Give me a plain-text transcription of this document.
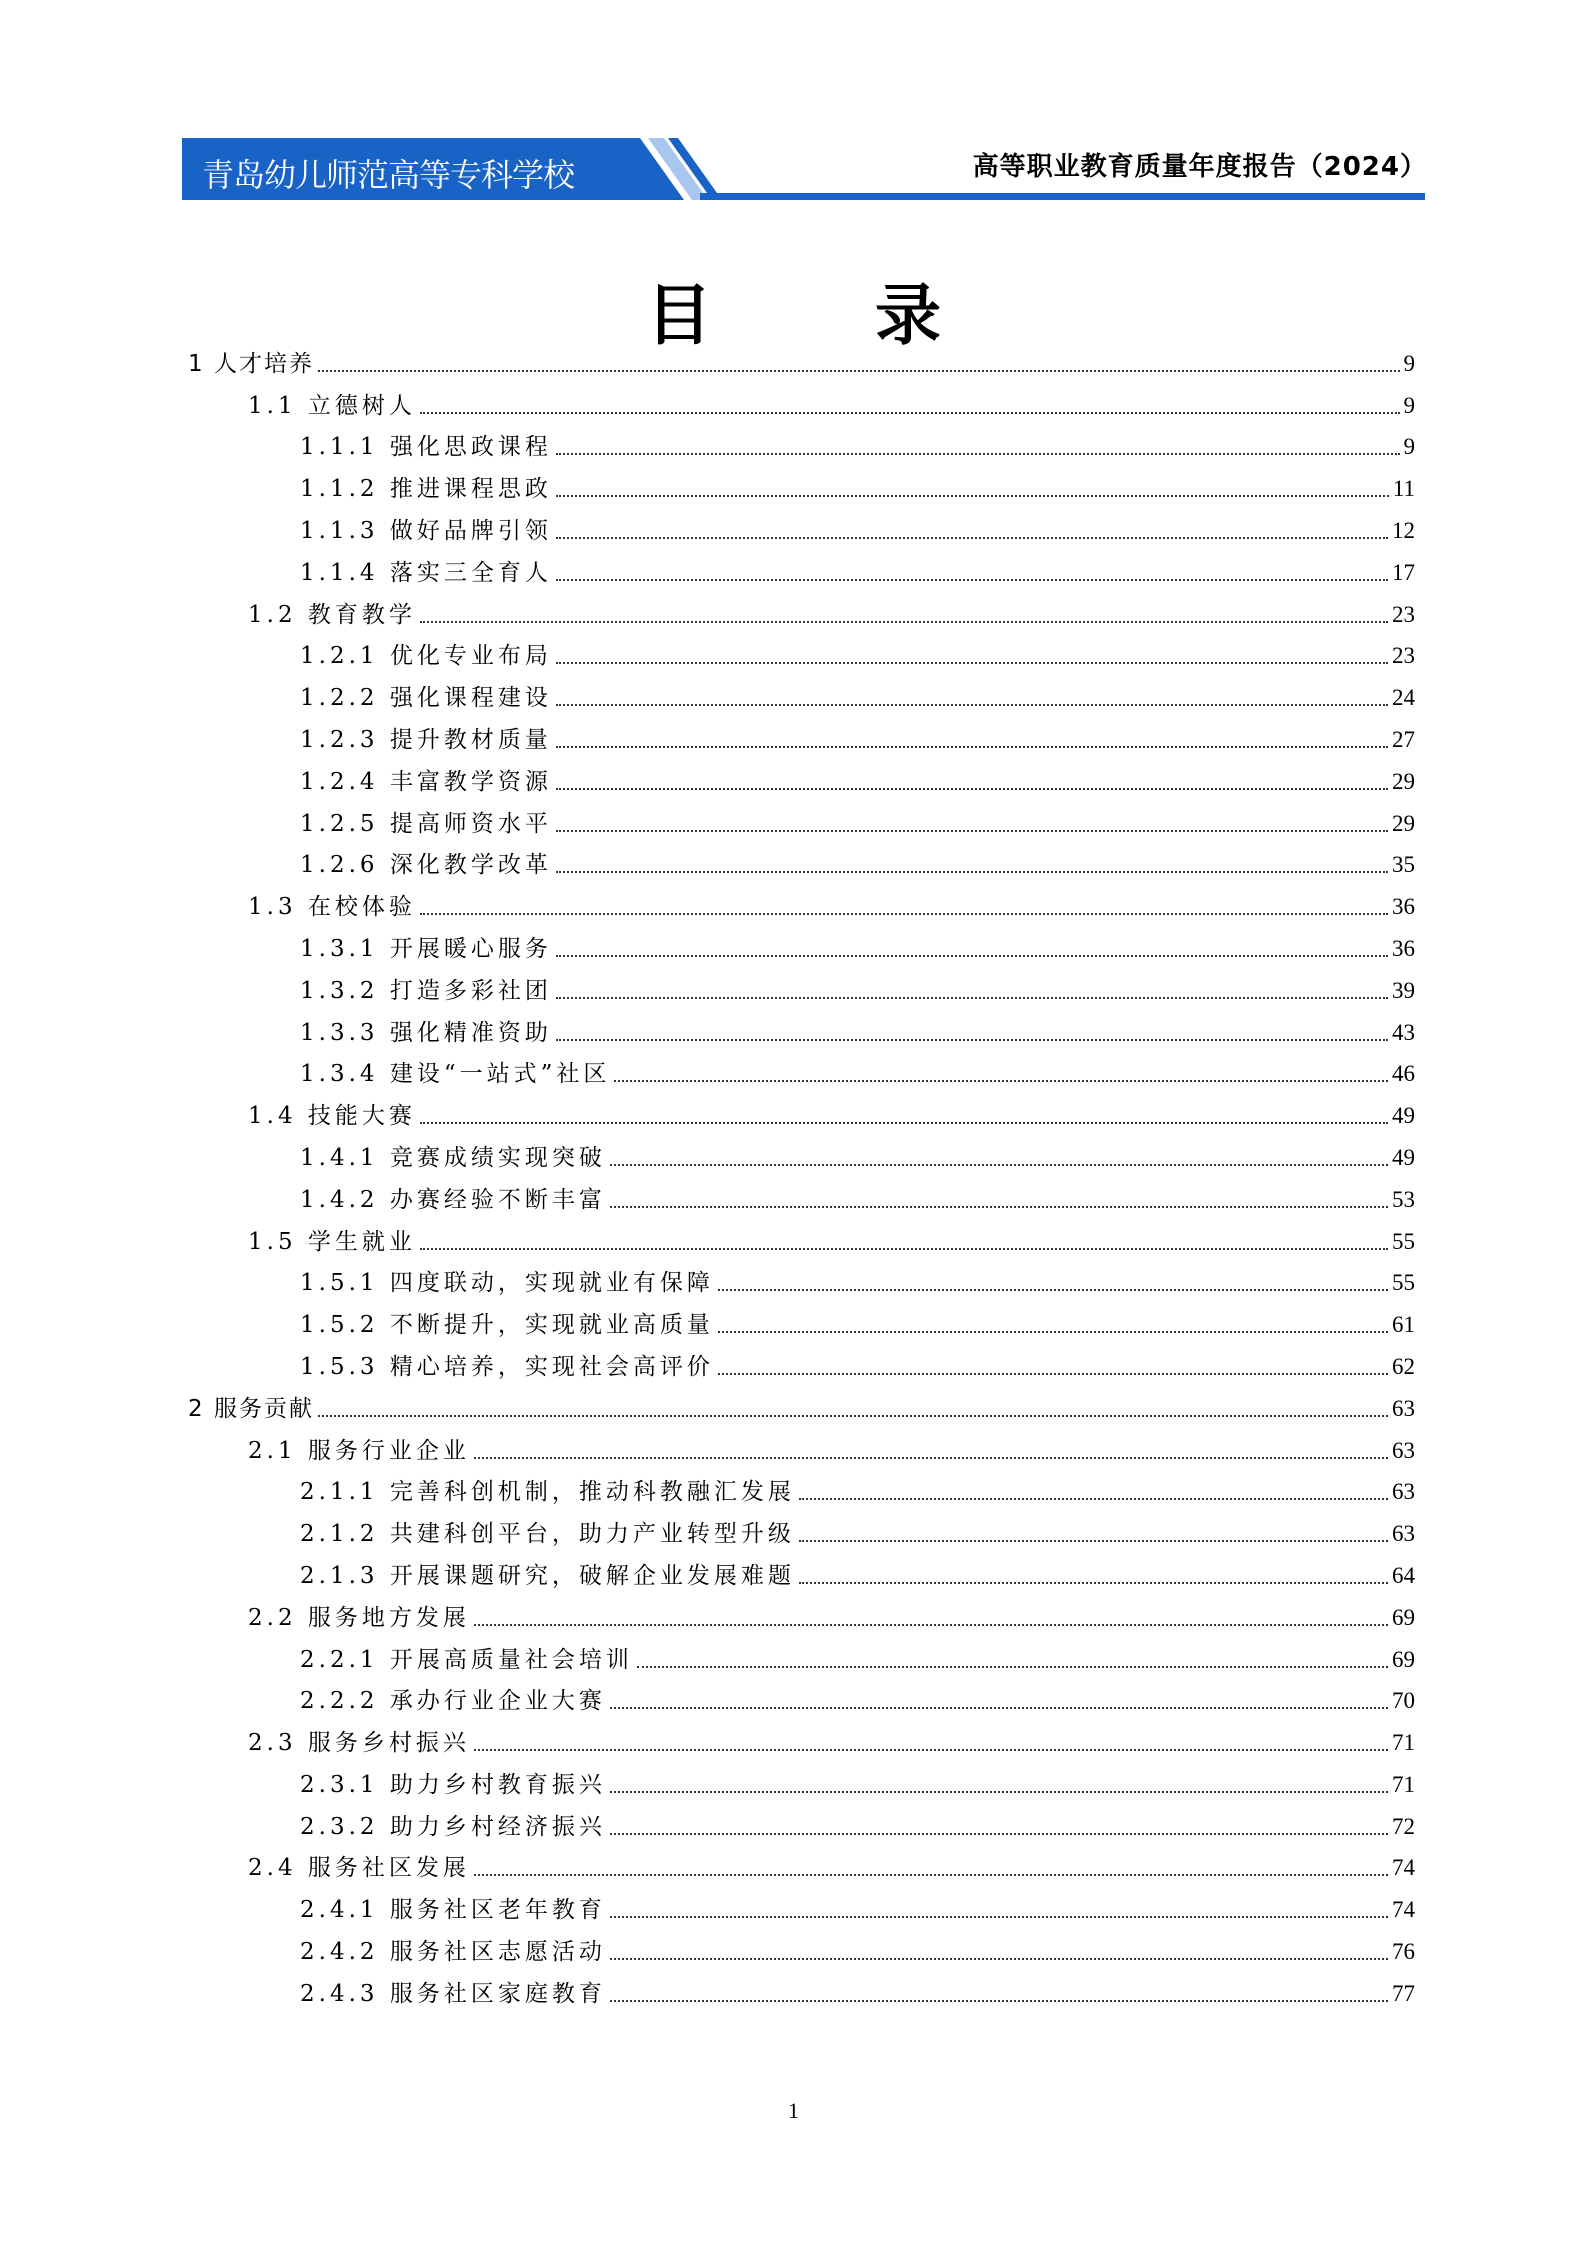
青岛幼儿师范高等专科学校	高等职业教育质量年度报告（2024）
目 录
1 人才培养	9
1.1 立德树人	9
1.1.1 强化思政课程	9
1.1.2 推进课程思政	11
1.1.3 做好品牌引领	12
1.1.4 落实三全育人	17
1.2 教育教学	23
1.2.1 优化专业布局	23
1.2.2 强化课程建设	24
1.2.3 提升教材质量	27
1.2.4 丰富教学资源	29
1.2.5 提高师资水平	29
1.2.6 深化教学改革	35
1.3 在校体验	36
1.3.1 开展暖心服务	36
1.3.2 打造多彩社团	39
1.3.3 强化精准资助	43
1.3.4 建设“一站式”社区	46
1.4 技能大赛	49
1.4.1 竞赛成绩实现突破	49
1.4.2 办赛经验不断丰富	53
1.5 学生就业	55
1.5.1 四度联动，实现就业有保障	55
1.5.2 不断提升，实现就业高质量	61
1.5.3 精心培养，实现社会高评价	62
2 服务贡献	63
2.1 服务行业企业	63
2.1.1 完善科创机制，推动科教融汇发展	63
2.1.2 共建科创平台，助力产业转型升级	63
2.1.3 开展课题研究，破解企业发展难题	64
2.2 服务地方发展	69
2.2.1 开展高质量社会培训	69
2.2.2 承办行业企业大赛	70
2.3 服务乡村振兴	71
2.3.1 助力乡村教育振兴	71
2.3.2 助力乡村经济振兴	72
2.4 服务社区发展	74
2.4.1 服务社区老年教育	74
2.4.2 服务社区志愿活动	76
2.4.3 服务社区家庭教育	77
1
